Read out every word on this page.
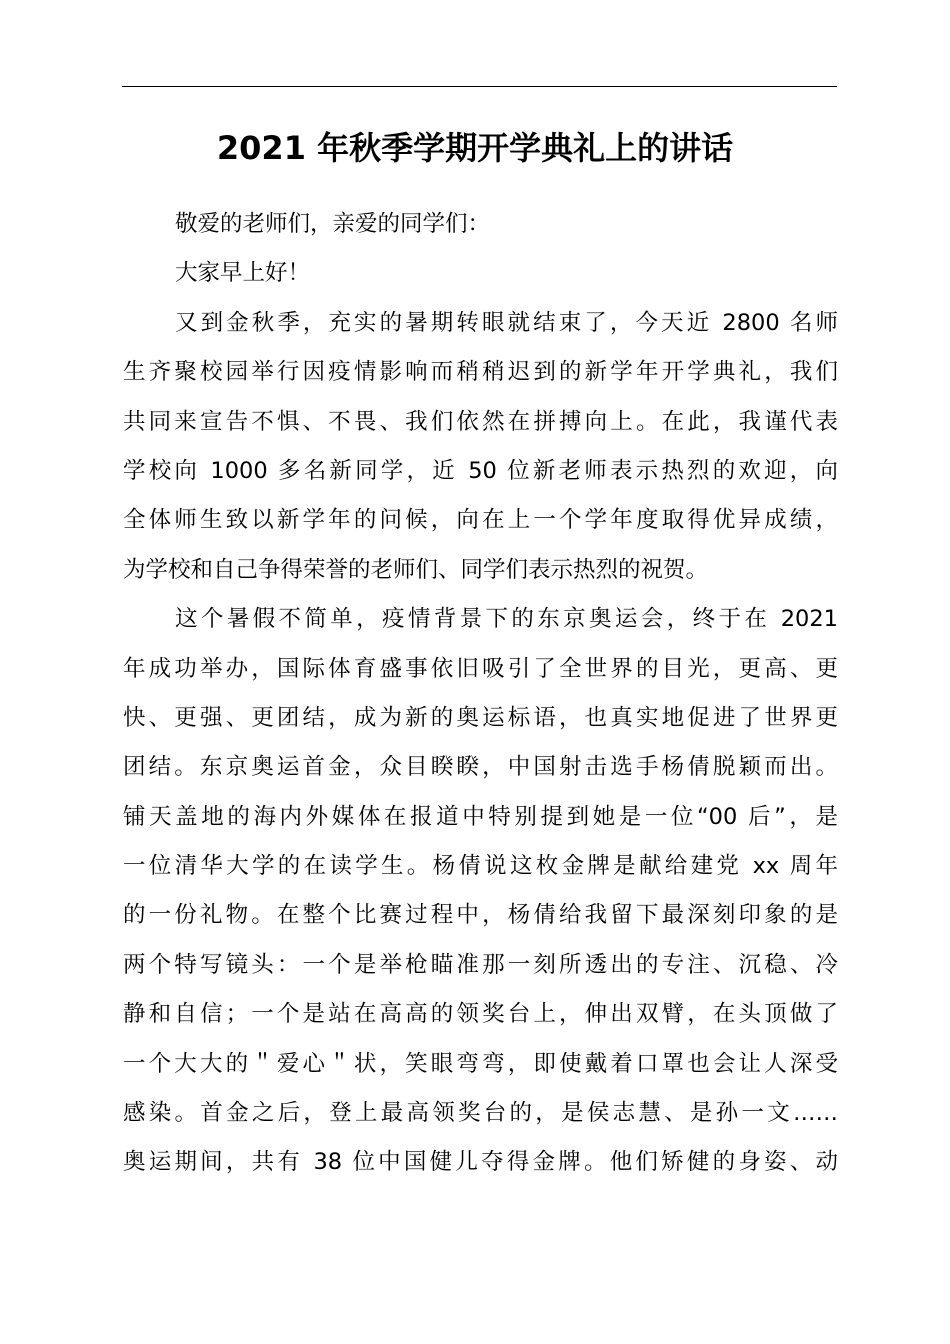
2021 年秋季学期开学典礼上的讲话

敬爱的老师们，亲爱的同学们：

大家早上好！

又到金秋季，充实的暑期转眼就结束了，今天近 2800 名师
生齐聚校园举行因疫情影响而稍稍迟到的新学年开学典礼，我们
共同来宣告不惧、不畏、我们依然在拼搏向上。在此，我谨代表
学校向 1000 多名新同学，近 50 位新老师表示热烈的欢迎，向
全体师生致以新学年的问候，向在上一个学年度取得优异成绩，
为学校和自己争得荣誉的老师们、同学们表示热烈的祝贺。

这个暑假不简单，疫情背景下的东京奥运会，终于在 2021
年成功举办，国际体育盛事依旧吸引了全世界的目光，更高、更
快、更强、更团结，成为新的奥运标语，也真实地促进了世界更
团结。东京奥运首金，众目睽睽，中国射击选手杨倩脱颖而出。
铺天盖地的海内外媒体在报道中特别提到她是一位“00 后”，是
一位清华大学的在读学生。杨倩说这枚金牌是献给建党 xx 周年
的一份礼物。在整个比赛过程中，杨倩给我留下最深刻印象的是
两个特写镜头：一个是举枪瞄准那一刻所透出的专注、沉稳、冷
静和自信；一个是站在高高的领奖台上，伸出双臂，在头顶做了
一个大大的＂爱心＂状，笑眼弯弯，即使戴着口罩也会让人深受
感染。首金之后，登上最高领奖台的，是侯志慧、是孙一文……
奥运期间，共有 38 位中国健儿夺得金牌。他们矫健的身姿、动
